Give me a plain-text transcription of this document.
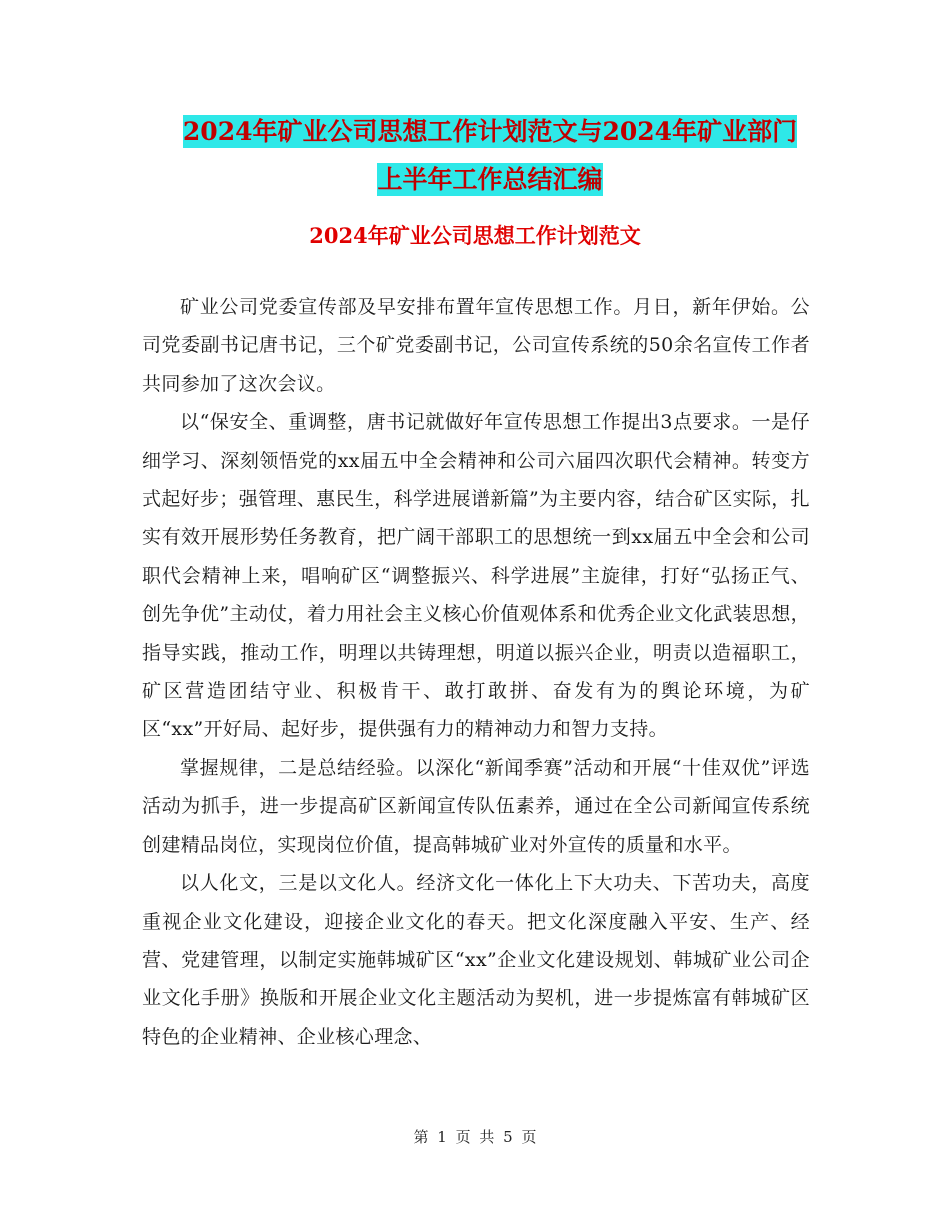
2024年矿业公司思想工作计划范文与2024年矿业部门
上半年工作总结汇编
2024年矿业公司思想工作计划范文

矿业公司党委宣传部及早安排布置年宣传思想工作。月日，新年伊始。公司党委副书记唐书记，三个矿党委副书记，公司宣传系统的50余名宣传工作者共同参加了这次会议。

以“保安全、重调整，唐书记就做好年宣传思想工作提出3点要求。一是仔细学习、深刻领悟党的xx届五中全会精神和公司六届四次职代会精神。转变方式起好步；强管理、惠民生，科学进展谱新篇”为主要内容，结合矿区实际，扎实有效开展形势任务教育，把广阔干部职工的思想统一到xx届五中全会和公司职代会精神上来，唱响矿区“调整振兴、科学进展”主旋律，打好“弘扬正气、创先争优”主动仗，着力用社会主义核心价值观体系和优秀企业文化武装思想，指导实践，推动工作，明理以共铸理想，明道以振兴企业，明责以造福职工，矿区营造团结守业、积极肯干、敢打敢拼、奋发有为的舆论环境，为矿区“xx”开好局、起好步，提供强有力的精神动力和智力支持。

掌握规律，二是总结经验。以深化“新闻季赛”活动和开展“十佳双优”评选活动为抓手，进一步提高矿区新闻宣传队伍素养，通过在全公司新闻宣传系统创建精品岗位，实现岗位价值，提高韩城矿业对外宣传的质量和水平。

以人化文，三是以文化人。经济文化一体化上下大功夫、下苦功夫，高度重视企业文化建设，迎接企业文化的春天。把文化深度融入平安、生产、经营、党建管理，以制定实施韩城矿区“xx”企业文化建设规划、韩城矿业公司企业文化手册》换版和开展企业文化主题活动为契机，进一步提炼富有韩城矿区特色的企业精神、企业核心理念、

第 1 页 共 5 页
